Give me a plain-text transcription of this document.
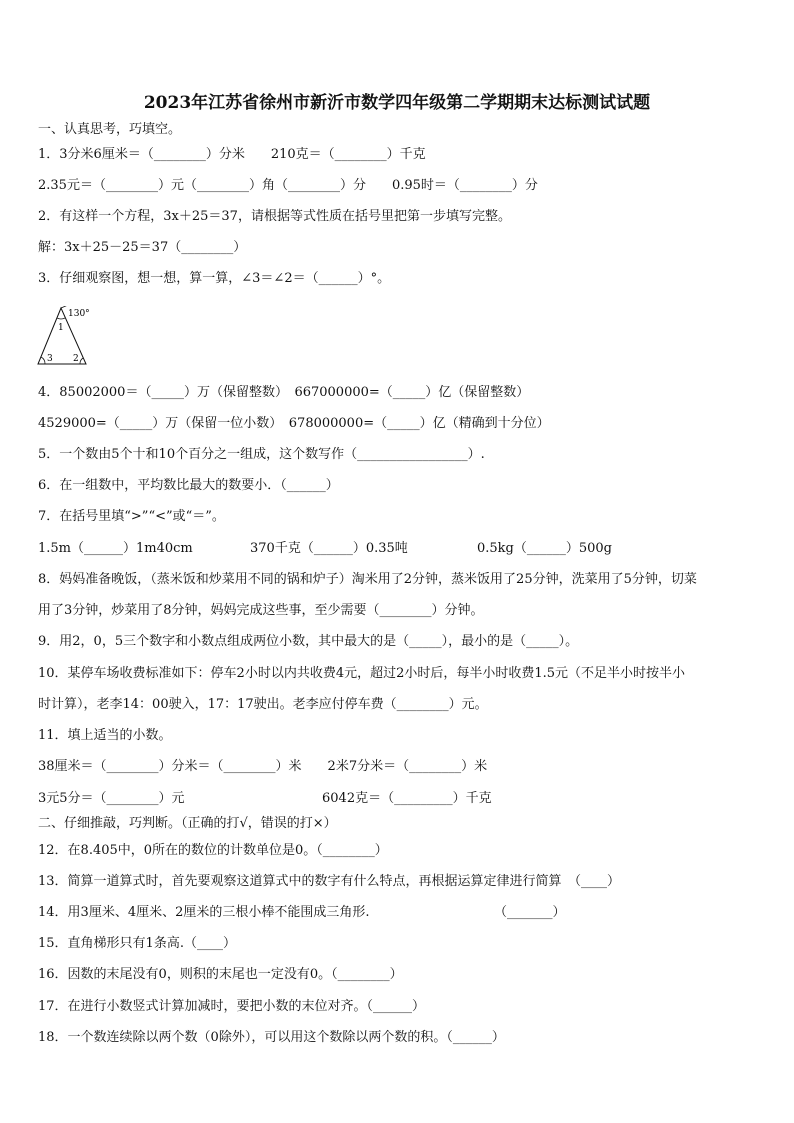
2023年江苏省徐州市新沂市数学四年级第二学期期末达标测试试题
一、认真思考，巧填空。
1．3分米6厘米＝（________）分米　　210克＝（________）千克
2.35元＝（________）元（________）角（________）分　　0.95时＝（________）分
2．有这样一个方程，3x＋25＝37，请根据等式性质在括号里把第一步填写完整。
解：3x＋25－25＝37（________）
3．仔细观察图，想一想，算一算，∠3＝∠2＝（______）°。
130°
1
3 2
4．85002000＝（_____）万（保留整数）　667000000=（_____）亿（保留整数）
4529000=（_____）万（保留一位小数）　678000000=（_____）亿（精确到十分位）
5．一个数由5个十和10个百分之一组成，这个数写作（_________________）.
6．在一组数中，平均数比最大的数要小．（______）
7．在括号里填“>”“<”或“＝”。
1.5m（______）1m40cm	370千克（______）0.35吨	0.5kg（______）500g
8．妈妈准备晚饭，（蒸米饭和炒菜用不同的锅和炉子）淘米用了2分钟，蒸米饭用了25分钟，洗菜用了5分钟，切菜
用了3分钟，炒菜用了8分钟，妈妈完成这些事，至少需要（________）分钟。
9．用2，0，5三个数字和小数点组成两位小数，其中最大的是（_____），最小的是（_____）。
10．某停车场收费标准如下：停车2小时以内共收费4元，超过2小时后，每半小时收费1.5元（不足半小时按半小
时计算），老李14：00驶入，17：17驶出。老李应付停车费（________）元。
11．填上适当的小数。
38厘米＝（________）分米＝（________）米　　2米7分米＝（________）米
3元5分＝（________）元	6042克＝（_________）千克
二、仔细推敲，巧判断。（正确的打√，错误的打×）
12．在8.405中，0所在的数位的计数单位是0。（________）
13．简算一道算式时，首先要观察这道算式中的数字有什么特点，再根据运算定律进行简算　（____）
14．用3厘米、4厘米、2厘米的三根小棒不能围成三角形.	（_______）
15．直角梯形只有1条高.（____）
16．因数的末尾没有0，则积的末尾也一定没有0。（________）
17．在进行小数竖式计算加减时，要把小数的末位对齐。（______）
18．一个数连续除以两个数（0除外），可以用这个数除以两个数的积。（______）
